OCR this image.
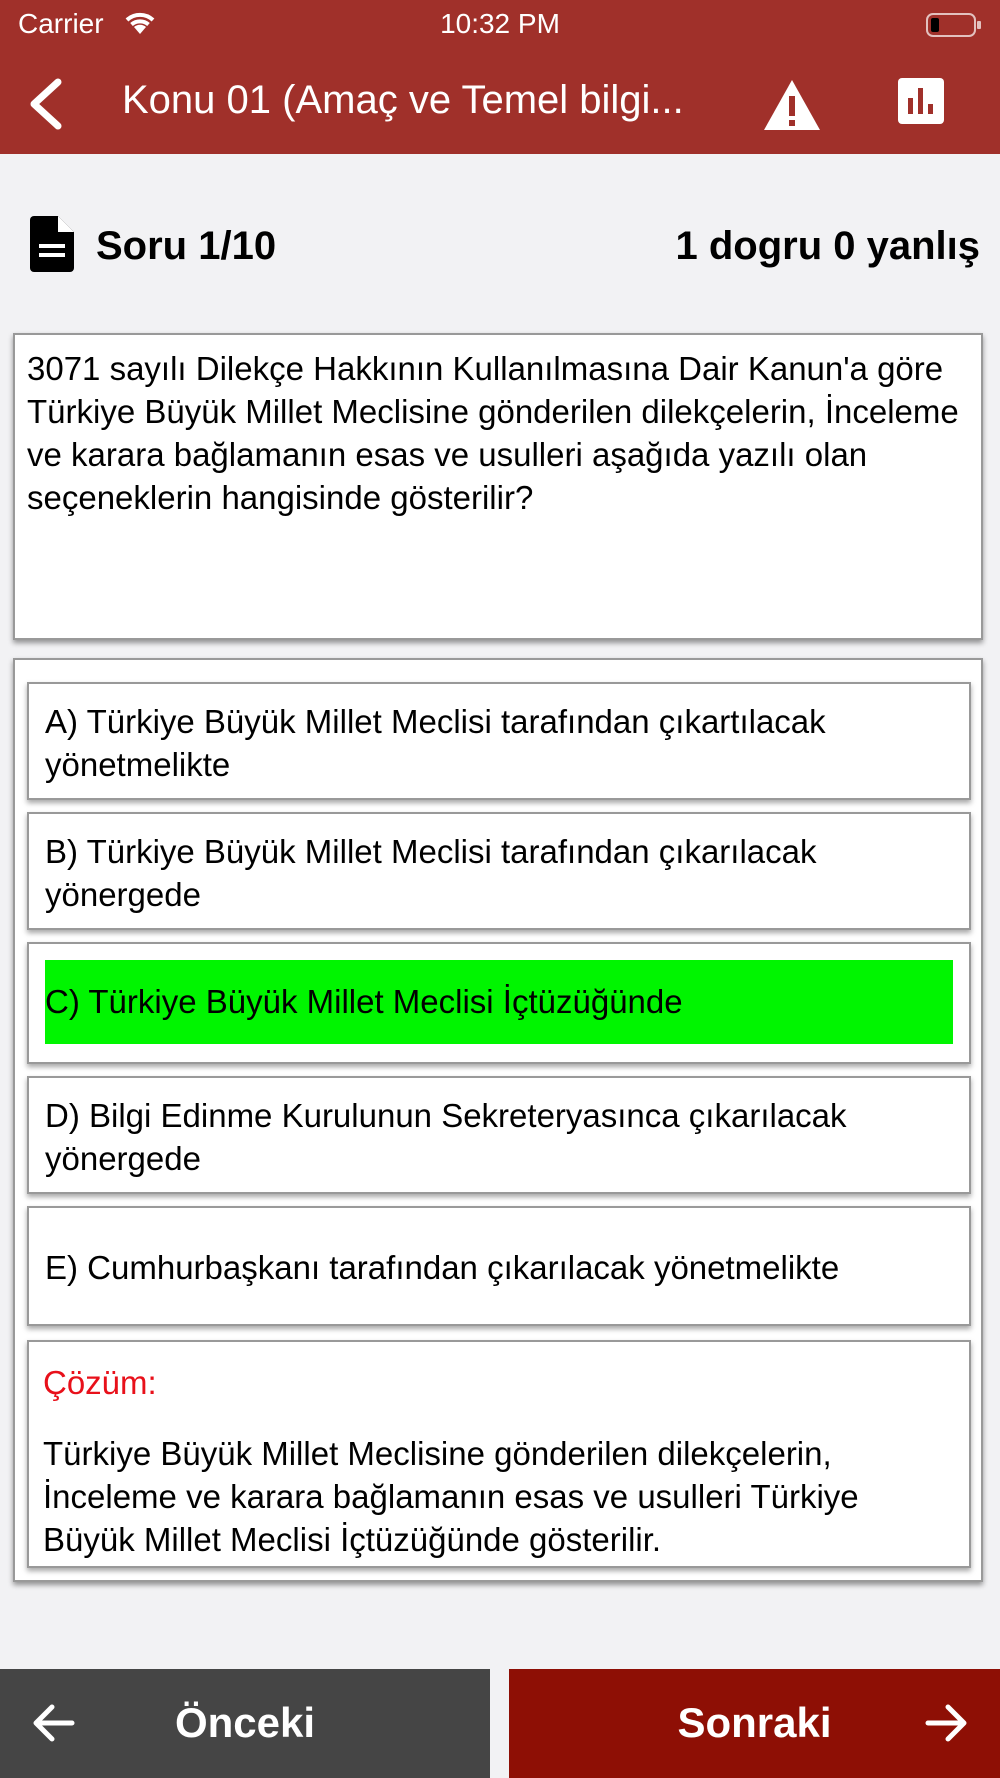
Carrier	10:32 PM
Konu 01 (Amaç ve Temel bilgi...
Soru 1/10	1 dogru 0 yanlış
3071 sayılı Dilekçe Hakkının Kullanılmasına Dair Kanun'a göre Türkiye Büyük Millet Meclisine gönderilen dilekçelerin, İnceleme ve karara bağlamanın esas ve usulleri aşağıda yazılı olan seçeneklerin hangisinde gösterilir?
A) Türkiye Büyük Millet Meclisi tarafından çıkartılacak yönetmelikte
B) Türkiye Büyük Millet Meclisi tarafından çıkarılacak yönergede
C) Türkiye Büyük Millet Meclisi İçtüzüğünde
D) Bilgi Edinme Kurulunun Sekreteryasınca çıkarılacak yönergede
E) Cumhurbaşkanı tarafından çıkarılacak yönetmelikte
Çözüm:
Türkiye Büyük Millet Meclisine gönderilen dilekçelerin, İnceleme ve karara bağlamanın esas ve usulleri Türkiye Büyük Millet Meclisi İçtüzüğünde gösterilir.
Önceki	Sonraki
